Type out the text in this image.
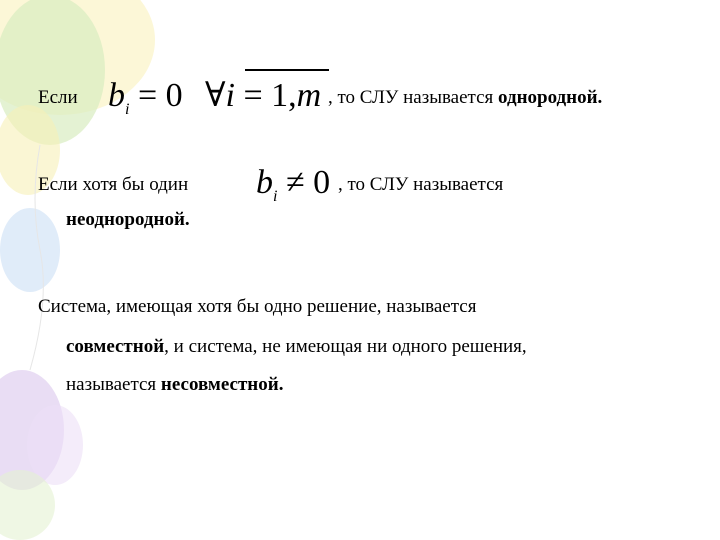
Если $b_i = 0$ ∀i = 1,m , то СЛУ называется однородной.
Если хотя бы один $b_i \ne 0$ , то СЛУ называется
неоднородной.
Система, имеющая хотя бы одно решение, называется
совместной, и система, не имеющая ни одного решения,
называется несовместной.
